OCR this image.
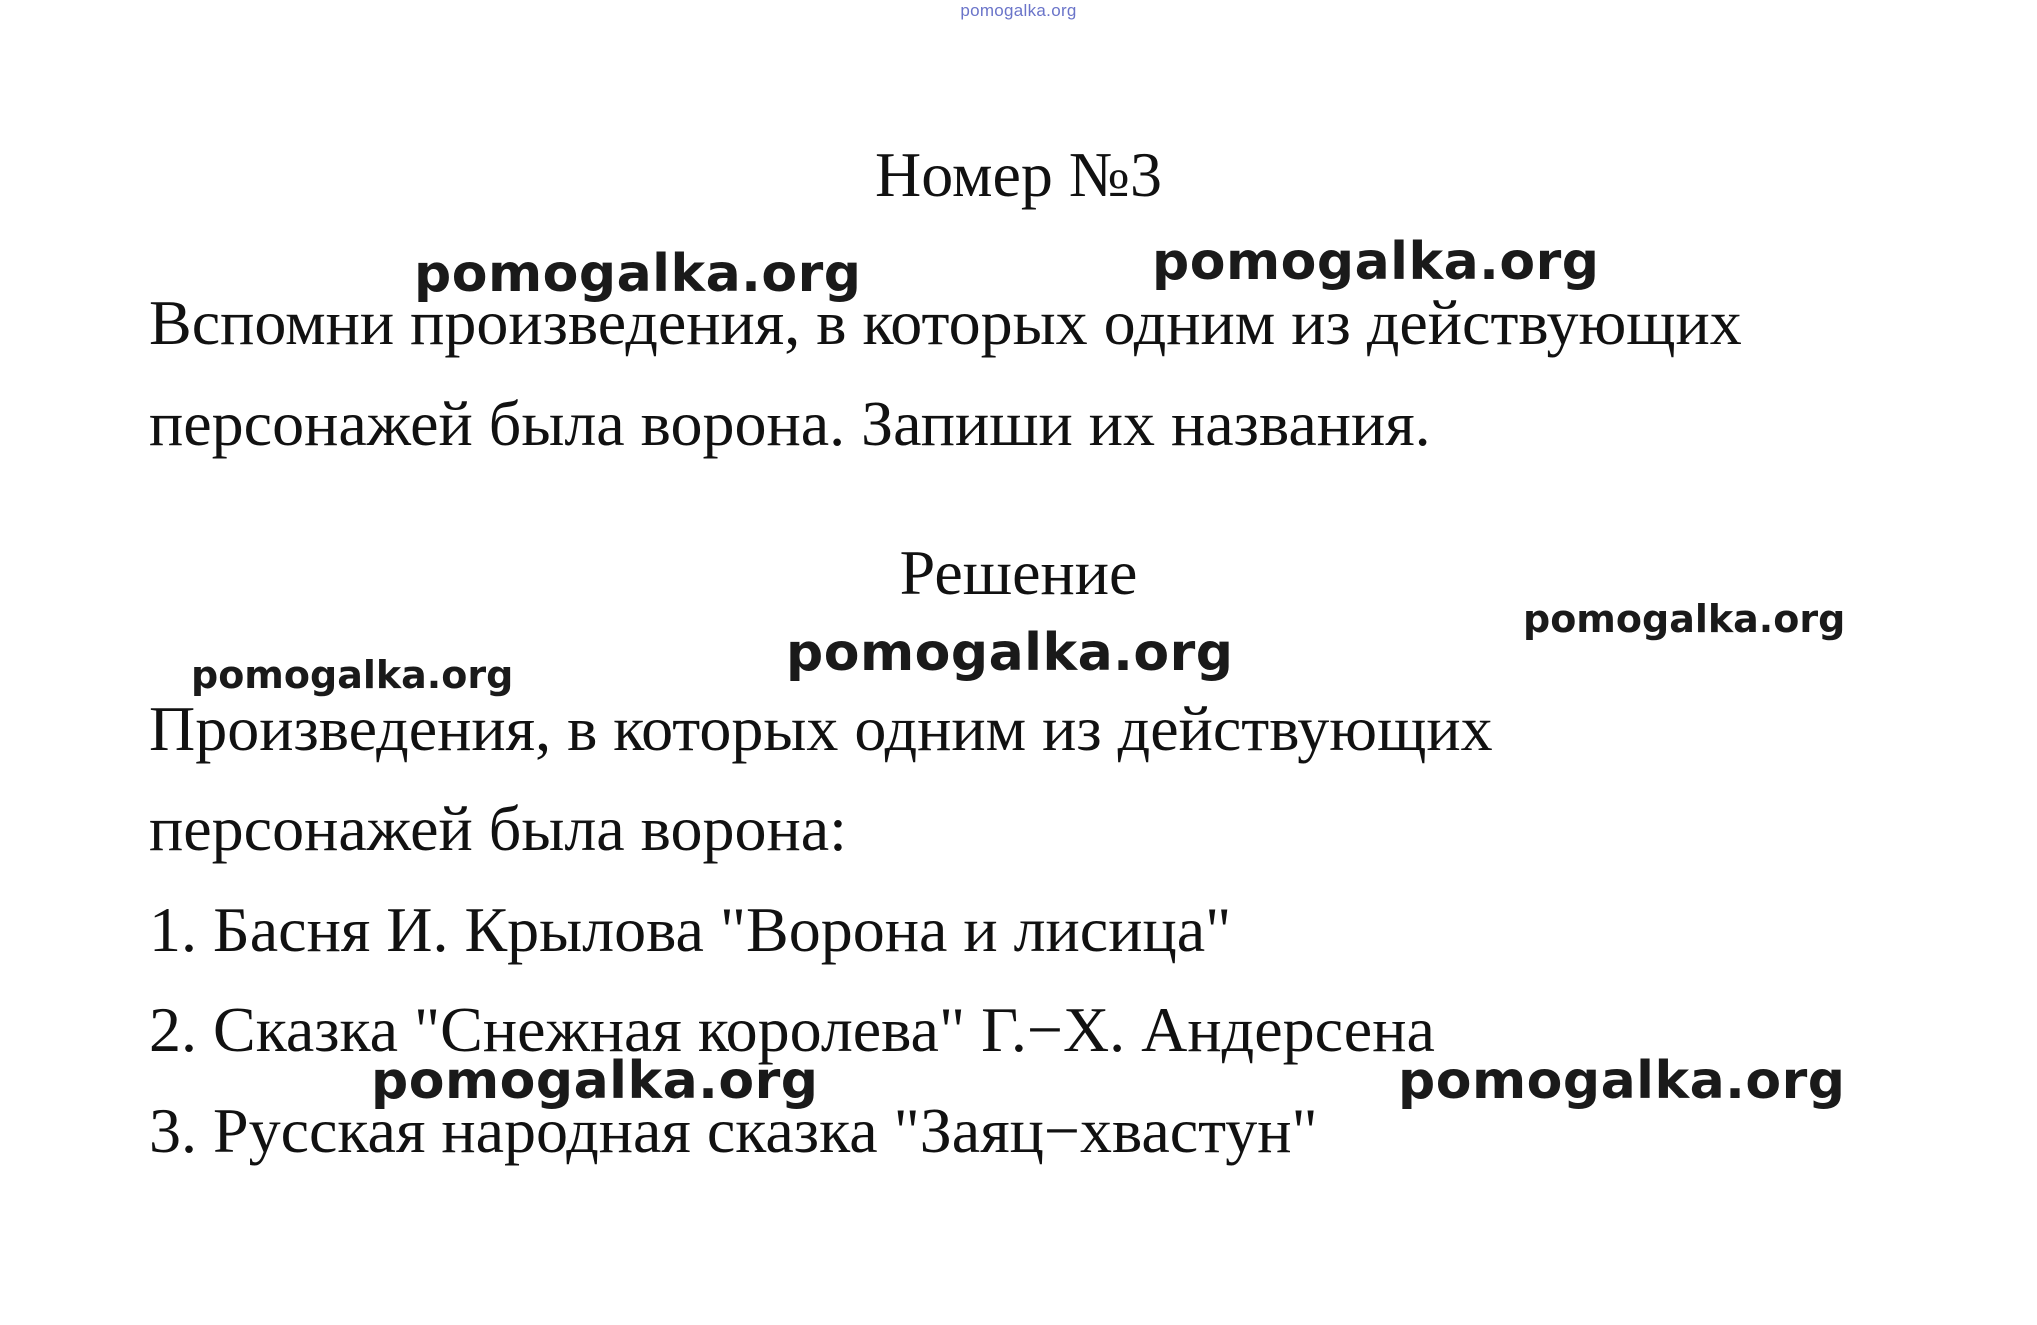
pomogalka.org
Номер №3

Вспомни произведения, в которых одним из действующих

персонажей была ворона. Запиши их названия.

Решение

Произведения, в которых одним из действующих

персонажей была ворона:

1. Басня И. Крылова "Ворона и лисица"

2. Сказка "Снежная королева" Г.−Х. Андерсена

3. Русская народная сказка "Заяц−хвастун"

pomogalka.org	pomogalka.org
pomogalka.org
pomogalka.org
pomogalka.org
pomogalka.org	pomogalka.org
